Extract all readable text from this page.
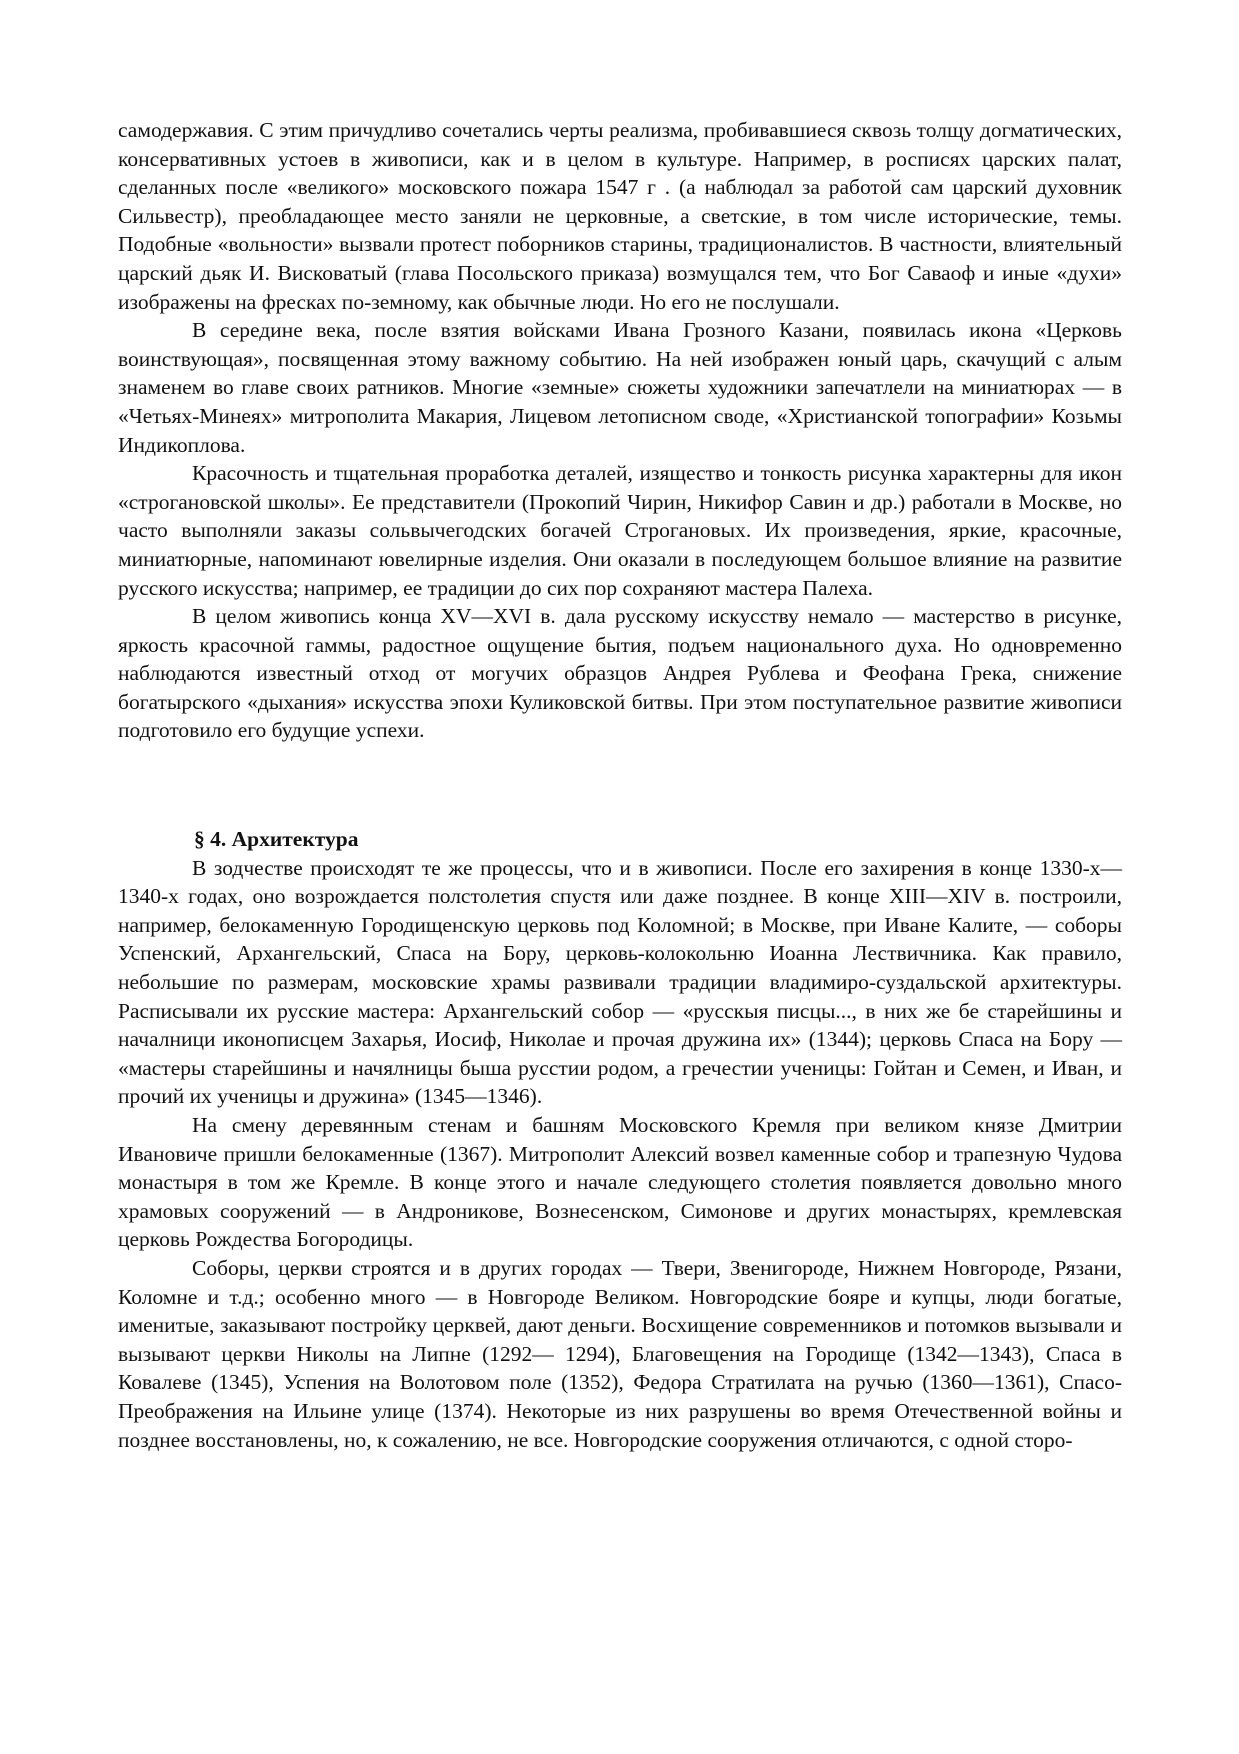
самодержавия. С этим причудливо сочетались черты реализма, пробивавшиеся сквозь толщу догматических, консервативных устоев в живописи, как и в целом в культуре. Например, в росписях царских палат, сделанных после «великого» московского пожара 1547 г . (а наблюдал за работой сам царский духовник Сильвестр), преобладающее место заняли не церковные, а светские, в том числе исторические, темы. Подобные «вольности» вызвали протест поборников старины, традиционалистов. В частности, влиятельный царский дьяк И. Висковатый (глава Посольского приказа) возмущался тем, что Бог Саваоф и иные «духи» изображены на фресках по-земному, как обычные люди. Но его не послушали.

В середине века, после взятия войсками Ивана Грозного Казани, появилась икона «Церковь воинствующая», посвященная этому важному событию. На ней изображен юный царь, скачущий с алым знаменем во главе своих ратников. Многие «земные» сюжеты художники запечатлели на миниатюрах — в «Четьях-Минеях» митрополита Макария, Лицевом летописном своде, «Христианской топографии» Козьмы Индикоплова.

Красочность и тщательная проработка деталей, изящество и тонкость рисунка характерны для икон «строгановской школы». Ее представители (Прокопий Чирин, Никифор Савин и др.) работали в Москве, но часто выполняли заказы сольвычегодских богачей Строгановых. Их произведения, яркие, красочные, миниатюрные, напоминают ювелирные изделия. Они оказали в последующем большое влияние на развитие русского искусства; например, ее традиции до сих пор сохраняют мастера Палеха.

В целом живопись конца XV—XVI в. дала русскому искусству немало — мастерство в рисунке, яркость красочной гаммы, радостное ощущение бытия, подъем национального духа. Но одновременно наблюдаются известный отход от могучих образцов Андрея Рублева и Феофана Грека, снижение богатырского «дыхания» искусства эпохи Куликовской битвы. При этом поступательное развитие живописи подготовило его будущие успехи.

§ 4. Архитектура

В зодчестве происходят те же процессы, что и в живописи. После его захирения в конце 1330-х—1340-х годах, оно возрождается полстолетия спустя или даже позднее. В конце XIII—XIV в. построили, например, белокаменную Городищенскую церковь под Коломной; в Москве, при Иване Калите, — соборы Успенский, Архангельский, Спаса на Бору, церковь-колокольню Иоанна Лествичника. Как правило, небольшие по размерам, московские храмы развивали традиции владимиро-суздальской архитектуры. Расписывали их русские мастера: Архангельский собор — «русскыя писцы..., в них же бе старейшины и началници иконописцем Захарья, Иосиф, Николае и прочая дружина их» (1344); церковь Спаса на Бору — «мастеры старейшины и начялницы быша русстии родом, а гречестии ученицы: Гойтан и Семен, и Иван, и прочий их ученицы и дружина» (1345—1346).

На смену деревянным стенам и башням Московского Кремля при великом князе Дмитрии Ивановиче пришли белокаменные (1367). Митрополит Алексий возвел каменные собор и трапезную Чудова монастыря в том же Кремле. В конце этого и начале следующего столетия появляется довольно много храмовых сооружений — в Андроникове, Вознесенском, Симонове и других монастырях, кремлевская церковь Рождества Богородицы.

Соборы, церкви строятся и в других городах — Твери, Звенигороде, Нижнем Новгороде, Рязани, Коломне и т.д.; особенно много — в Новгороде Великом. Новгородские бояре и купцы, люди богатые, именитые, заказывают постройку церквей, дают деньги. Восхищение современников и потомков вызывали и вызывают церкви Николы на Липне (1292— 1294), Благовещения на Городище (1342—1343), Спаса в Ковалеве (1345), Успения на Волотовом поле (1352), Федора Стратилата на ручью (1360—1361), Спасо-Преображения на Ильине улице (1374). Некоторые из них разрушены во время Отечественной войны и позднее восстановлены, но, к сожалению, не все. Новгородские сооружения отличаются, с одной сторо-
